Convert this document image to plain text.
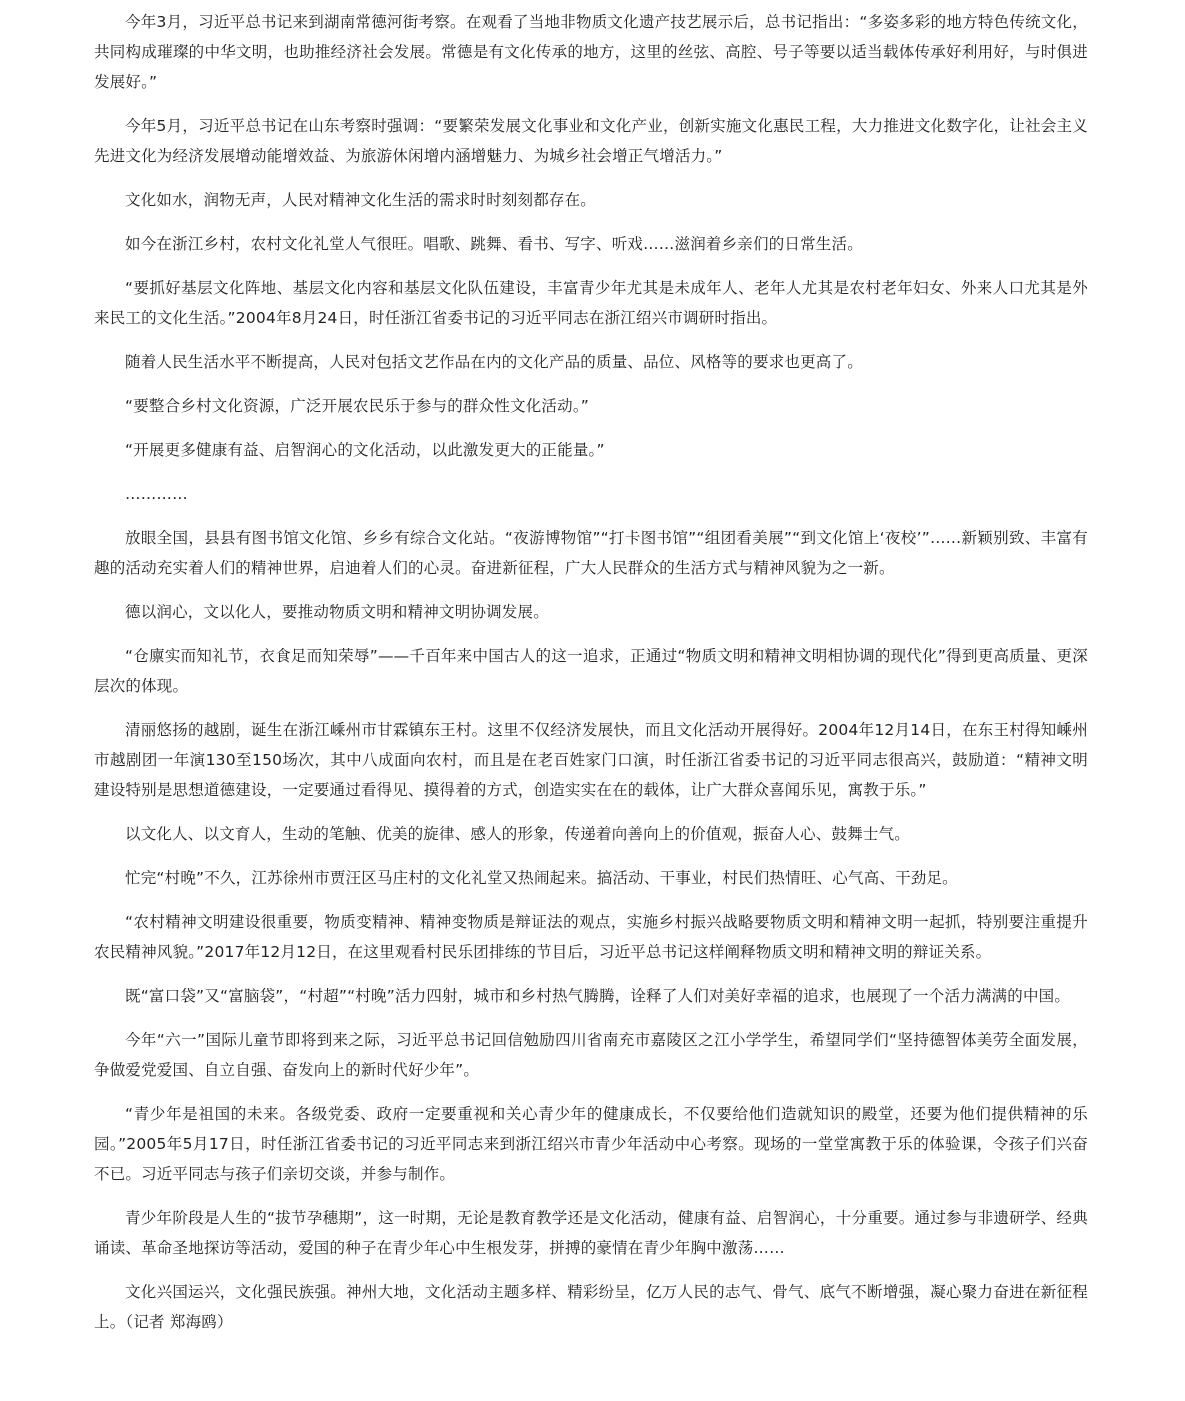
今年3月，习近平总书记来到湖南常德河街考察。在观看了当地非物质文化遗产技艺展示后，总书记指出：“多姿多彩的地方特色传统文化，共同构成璀璨的中华文明，也助推经济社会发展。常德是有文化传承的地方，这里的丝弦、高腔、号子等要以适当载体传承好利用好，与时俱进发展好。”

今年5月，习近平总书记在山东考察时强调：“要繁荣发展文化事业和文化产业，创新实施文化惠民工程，大力推进文化数字化，让社会主义先进文化为经济发展增动能增效益、为旅游休闲增内涵增魅力、为城乡社会增正气增活力。”

文化如水，润物无声，人民对精神文化生活的需求时时刻刻都存在。

如今在浙江乡村，农村文化礼堂人气很旺。唱歌、跳舞、看书、写字、听戏……滋润着乡亲们的日常生活。

“要抓好基层文化阵地、基层文化内容和基层文化队伍建设，丰富青少年尤其是未成年人、老年人尤其是农村老年妇女、外来人口尤其是外来民工的文化生活。”2004年8月24日，时任浙江省委书记的习近平同志在浙江绍兴市调研时指出。

随着人民生活水平不断提高，人民对包括文艺作品在内的文化产品的质量、品位、风格等的要求也更高了。

“要整合乡村文化资源，广泛开展农民乐于参与的群众性文化活动。”

“开展更多健康有益、启智润心的文化活动，以此激发更大的正能量。”

…………

放眼全国，县县有图书馆文化馆、乡乡有综合文化站。“夜游博物馆”“打卡图书馆”“组团看美展”“到文化馆上‘夜校’”……新颖别致、丰富有趣的活动充实着人们的精神世界，启迪着人们的心灵。奋进新征程，广大人民群众的生活方式与精神风貌为之一新。

德以润心，文以化人，要推动物质文明和精神文明协调发展。

“仓廪实而知礼节，衣食足而知荣辱”——千百年来中国古人的这一追求，正通过“物质文明和精神文明相协调的现代化”得到更高质量、更深层次的体现。

清丽悠扬的越剧，诞生在浙江嵊州市甘霖镇东王村。这里不仅经济发展快，而且文化活动开展得好。2004年12月14日，在东王村得知嵊州市越剧团一年演130至150场次，其中八成面向农村，而且是在老百姓家门口演，时任浙江省委书记的习近平同志很高兴，鼓励道：“精神文明建设特别是思想道德建设，一定要通过看得见、摸得着的方式，创造实实在在的载体，让广大群众喜闻乐见，寓教于乐。”

以文化人、以文育人，生动的笔触、优美的旋律、感人的形象，传递着向善向上的价值观，振奋人心、鼓舞士气。

忙完“村晚”不久，江苏徐州市贾汪区马庄村的文化礼堂又热闹起来。搞活动、干事业，村民们热情旺、心气高、干劲足。

“农村精神文明建设很重要，物质变精神、精神变物质是辩证法的观点，实施乡村振兴战略要物质文明和精神文明一起抓，特别要注重提升农民精神风貌。”2017年12月12日，在这里观看村民乐团排练的节目后，习近平总书记这样阐释物质文明和精神文明的辩证关系。

既“富口袋”又“富脑袋”，“村超”“村晚”活力四射，城市和乡村热气腾腾，诠释了人们对美好幸福的追求，也展现了一个活力满满的中国。

今年“六一”国际儿童节即将到来之际，习近平总书记回信勉励四川省南充市嘉陵区之江小学学生，希望同学们“坚持德智体美劳全面发展，争做爱党爱国、自立自强、奋发向上的新时代好少年”。

“青少年是祖国的未来。各级党委、政府一定要重视和关心青少年的健康成长，不仅要给他们造就知识的殿堂，还要为他们提供精神的乐园。”2005年5月17日，时任浙江省委书记的习近平同志来到浙江绍兴市青少年活动中心考察。现场的一堂堂寓教于乐的体验课，令孩子们兴奋不已。习近平同志与孩子们亲切交谈，并参与制作。

青少年阶段是人生的“拔节孕穗期”，这一时期，无论是教育教学还是文化活动，健康有益、启智润心，十分重要。通过参与非遗研学、经典诵读、革命圣地探访等活动，爱国的种子在青少年心中生根发芽，拼搏的豪情在青少年胸中激荡……

文化兴国运兴，文化强民族强。神州大地，文化活动主题多样、精彩纷呈，亿万人民的志气、骨气、底气不断增强，凝心聚力奋进在新征程上。（记者 郑海鸥）
